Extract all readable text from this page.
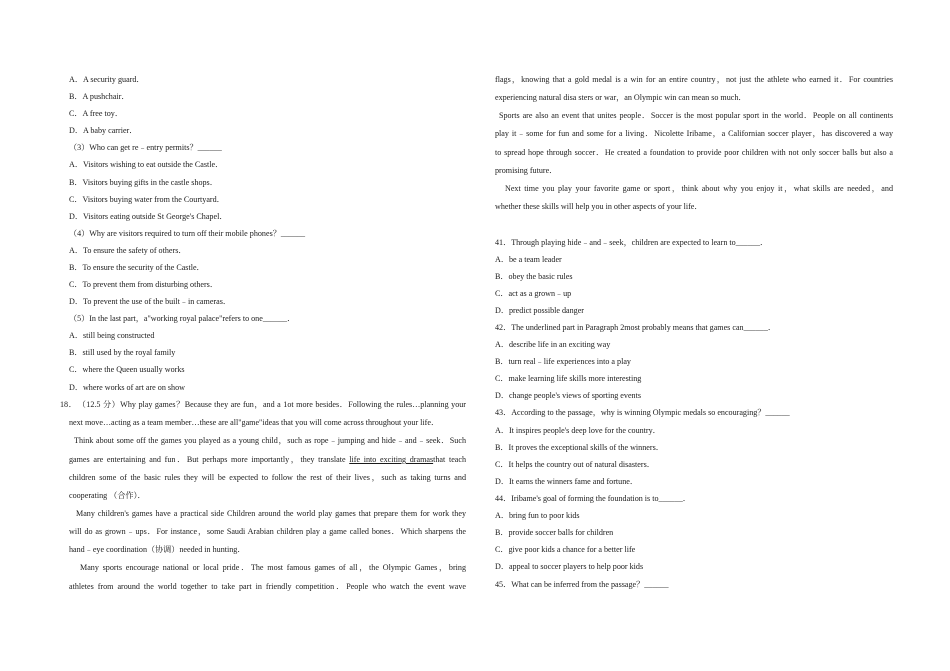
A．A security guard．
B．A pushchair．
C．A free toy．
D．A baby carrier．
（3）Who can get re﹣entry permits？______
A．Visitors wishing to eat outside the Castle．
B．Visitors buying gifts in the castle shops．
C．Visitors buying water from the Courtyard．
D．Visitors eating outside St George's Chapel．
（4）Why are visitors required to turn off their mobile phones？______
A．To ensure the safety of others．
B．To ensure the security of the Castle．
C．To prevent them from disturbing others．
D．To prevent the use of the built﹣in cameras．
（5）In the last part，a"working royal palace"refers to one______．
A．still being constructed
B．still used by the royal family
C．where the Queen usually works
D．where works of art are on show
18．　（12.5 分）Why play games？Because they are fun，and a 1ot more besides．Following the rules…planning your
next move…acting as a team member…these are all"game"ideas that you will come across throughout your life．
Think about some off the games you played as a young child，such as rope﹣jumping and hide﹣and﹣seek．Such
games are entertaining and fun．But perhaps more importantly，they translate life into exciting dramasthat teach
children some of the basic rules they will be expected to follow the rest of their lives，such as taking turns and
cooperating （合作）．
Many children's games have a practical side Children around the world play games that prepare them for work they
will do as grown﹣ups．For instance，some Saudi Arabian children play a game called bones．Which sharpens the
hand﹣eye coordination（协调）needed in hunting．
Many sports encourage national or local pride．The most famous games of all，the Olympic Games，bring
athletes from around the world together to take part in friendly competition．People who watch the event wave
flags，knowing that a gold medal is a win for an entire country，not just the athlete who earned it．For countries
experiencing natural disa sters or war，an Olympic win can mean so much．
Sports are also an event that unites people．Soccer is the most popular sport in the world．People on all continents
play it﹣some for fun and some for a living．Nicolette Iribame，a Californian soccer player，has discovered a way
to spread hope through soccer．He created a foundation to provide poor children with not only soccer balls but also a
promising future．
Next time you play your favorite game or sport，think about why you enjoy it，what skills are needed，and
whether these skills will help you in other aspects of your life．
41．Through playing hide﹣and﹣seek，children are expected to learn to______．
A．be a team leader
B．obey the basic rules
C．act as a grown﹣up
D．predict possible danger
42．The underlined part in Paragraph 2most probably means that games can______．
A．describe life in an exciting way
B．turn real﹣life experiences into a play
C．make learning life skills more interesting
D．change people's views of sporting events
43．According to the passage，why is winning Olympic medals so encouraging？______
A．It inspires people's deep love for the country．
B．It proves the exceptional skills of the winners．
C．It helps the country out of natural disasters．
D．It earns the winners fame and fortune．
44．Iribame's goal of forming the foundation is to______．
A．bring fun to poor kids
B．provide soccer balls for children
C．give poor kids a chance for a better life
D．appeal to soccer players to help poor kids
45．What can be inferred from the passage？______
